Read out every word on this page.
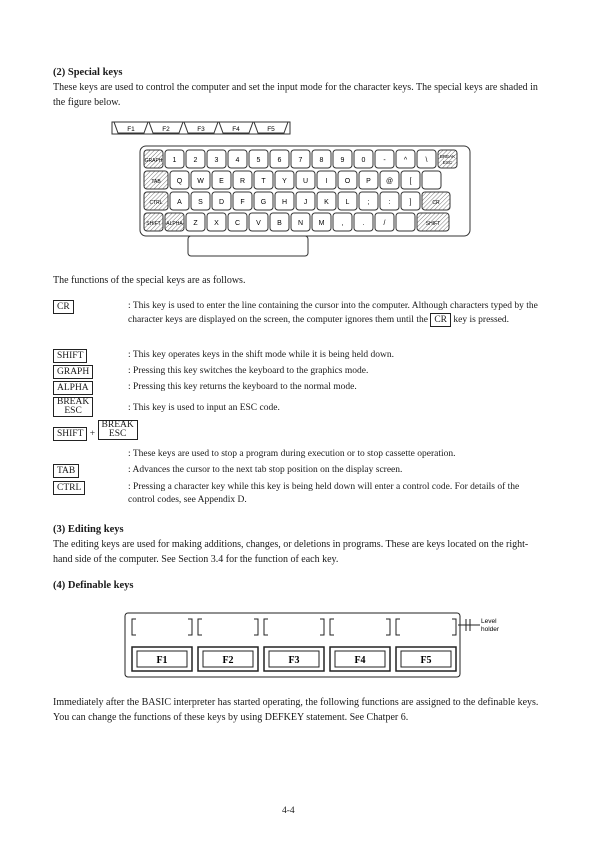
(2) Special keys
These keys are used to control the computer and set the input mode for the character keys. The special keys are shaded in the figure below.
F1	F2	F3	F4	F5
GRAPH 1 2 3 4 5 6 7 8 9 0	-	^	\
BREAK
ESC
TAB Q W E R T Y U I O P @ [
CTRL A S D F G H J K L	;	:	]	CR
SHIFT ALPHA Z X C V B N M ,	.	/	SHIFT
The functions of the special keys are as follows.
CR	: This key is used to enter the line containing the cursor into the computer. Although characters typed by the character keys are displayed on the screen, the computer ignores them until the CR key is pressed.
SHIFT	: This key operates keys in the shift mode while it is being held down.
GRAPH	: Pressing this key switches the keyboard to the graphics mode.
ALPHA	: Pressing this key returns the keyboard to the normal mode.
BREAK
ESC	: This key is used to input an ESC code.
SHIFT + BREAK
ESC
: These keys are used to stop a program during execution or to stop cassette operation.
TAB	: Advances the cursor to the next tab stop position on the display screen.
CTRL	: Pressing a character key while this key is being held down will enter a control code. For details of the control codes, see Appendix D.
(3) Editing keys
The editing keys are used for making additions, changes, or deletions in programs. These are keys located on the right-hand side of the computer. See Section 3.4 for the function of each key.
(4) Definable keys
F1	F2	F3	F4	F5
Level
holder
Immediately after the BASIC interpreter has started operating, the following functions are assigned to the definable keys. You can change the functions of these keys by using DEFKEY statement. See Chatper 6.
4-4
